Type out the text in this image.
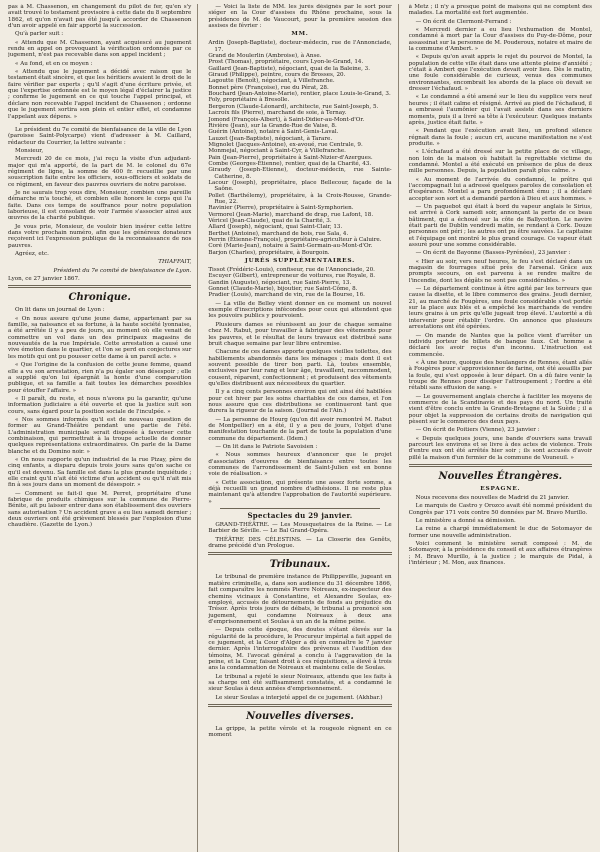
pas à M. Chassenon, en changement du pilot de fer, qu'en s'y avait trouvé lo testament provisoire à cette date du 8 septembre 1862, et qu'on n'avait pas été jusqu'à accorder de Chassenon d'un avoir appelé en fair apporté la succession.

Qu'à parler suit :

« Attendu que M. Chassenon, ayant acquiescé au jugement rendu en appel on provoquant la vérification ordonnée par ce jugement, n'est pas recevable dans son appel incident ;

« Au fond, et en ce moyen :

« Attendu que le jugement a décidé avec raison que le testament était sincère, et que les héritiers avaient le droit de le faire vérifier par experts ; qu'il s'agit d'une écriture privée, et que l'expertise ordonnée est le moyen légal d'éclairer la justice ; confirme le jugement en ce qui touche l'appel principal, et déclare non recevable l'appel incident de Chassenon ; ordonne que le jugement sortira son plein et entier effet, et condamne l'appelant aux dépens. »

Le président du 7e comité de bienfaisance de la ville de Lyon (paroisse Saint-Polycarpe) vient d'adresser à M. Caillard, rédacteur du Courrier, la lettre suivante :

Monsieur,

Mercredi 20 de ce mois, j'ai reçu la visite d'un adjudant-major qui m'a apporté, de la part de M. le colonel du 67e régiment de ligne, la somme de 400 fr. recueillie par une souscription faite entre les officiers, sous-officiers et soldats de ce régiment, en faveur des pauvres ouvriers de notre paroisse.

Je ne saurais trop vous dire, Monsieur, combien une pareille démarche m'a touché, et combien elle honore le corps qui l'a faite. Dans ces temps de souffrance pour notre population laborieuse, il est consolant de voir l'armée s'associer ainsi aux œuvres de la charité publique.

Je vous prie, Monsieur, de vouloir bien insérer cette lettre dans votre prochain numéro, afin que les généreux donateurs reçoivent ici l'expression publique de la reconnaissance de nos pauvres.

Agréez, etc.

THIAFFAIT,

Président du 7e comité de bienfaisance de Lyon.

Lyon, ce 27 janvier 1867.

Chronique.

On lit dans un journal de Lyon :

« On nous assure qu'une jeune dame, appartenant par sa famille, sa naissance et sa fortune, à la haute société lyonnaise, a été arrêtée il y a peu de jours, au moment où elle venait de commettre un vol dans un des principaux magasins de nouveautés de la rue Impériale. Cette arrestation a causé une vive émotion dans le quartier, et l'on se perd en conjectures sur les motifs qui ont pu pousser cette dame à un pareil acte. »

« Que l'origine de la confusion de cette jeune femme, quand elle a vu son arrestation, rien n'a pu égaler son désespoir ; elle a supplié qu'on lui épargnât la honte d'une comparution publique, et sa famille a fait toutes les démarches possibles pour étouffer l'affaire. »

« Il paraît, du reste, et nous n'avons pu la garantir, qu'une information judiciaire a été ouverte et que la justice suit son cours, sans égard pour la position sociale de l'inculpée. »

« Nos sommes informés qu'il est de nouveau question de former au Grand-Théâtre pendant une partie de l'été. L'administration municipale serait disposée à favoriser cette combinaison, qui permettrait à la troupe actuelle de donner quelques représentations extraordinaires. On parle de la Dame blanche et du Domino noir. »

« On nous rapporte qu'un industriel de la rue Pizay, père de cinq enfants, a disparu depuis trois jours sans qu'on sache ce qu'il est devenu. Sa famille est dans la plus grande inquiétude ; elle craint qu'il n'ait été victime d'un accident ou qu'il n'ait mis fin à ses jours dans un moment de désespoir. »

— Comment se fait-il que M. Perret, propriétaire d'une fabrique de produits chimiques sur la commune de Pierre-Bénite, ait pu laisser entrer dans son établissement des ouvriers sans autorisation ? Un accident grave a eu lieu samedi dernier ; deux ouvriers ont été grièvement blessés par l'explosion d'une chaudière. (Gazette de Lyon.)

— Voici la liste de MM. les jurés désignés par le sort pour siéger en la Cour d'assises du Rhône prochaine, sous la présidence de M. de Vaucourt, pour la première session des assises de février :

MM.
Ardin (Joseph-Baptiste), docteur-médecin, rue de l'Annonciade, 17.
Grand de Moulerlin (Ambroise), à Anse.
Prost (Thomas), propriétaire, cours Lyon-le-Grand, 14.
Gaillard (Jean-Baptiste), négociant, quai de la Baleine, 3.
Giraud (Philippe), peintre, cours de Brosses, 20.
Lagoutte (Benoît), négociant, à Villefranche.
Bonnet père (Françoise), rue du Pérat, 28.
Bouchard (Jean-Antoine-Marie), rentier, place Louis-le-Grand, 3.
Foly, propriétaire à Bresolle.
Bergeron (Claude-Léonard), architecte, rue Saint-Joseph, 5.
Lacroix fils (Pierre), marchand de soie, à Ternay.
Jomond (François-Albert), à Saint-Didier-au-Mont-d'Or.
Rivière (Jean), sur la Grande-Rue de Vaise, 8.
Guérin (Antoine), notaire à Saint-Genis-Laval.
Lauzet (Jean-Baptiste), négociant, à Tarare.
Mignolet (Jacques-Antoine), ex-avoué, rue Centrale, 9.
Monmejal, négociant à Saint-Cyr, à Villefranche.
Pain (Jean-Pierre), propriétaire à Saint-Nizier-d'Azergues.
Combe (Georges-Étienne), rentier, quai de la Charité, 43.
Giraudy (Joseph-Etienne), docteur-médecin, rue Sainte-Catherine, 8.
Lacour (Joseph), propriétaire, place Bellecour, façade de la Saône.
Pollet (Barthélemy), propriétaire, à la Croix-Rousse, Grande-Rue, 22.
Ravinier (Pierre), propriétaire à Saint-Symphorien.
Vermorel (Jean-Marie), marchand de drap, rue Lafont, 18.
Véricel (Jean-Claude), quai de la Charité, 3.
Allard (Joseph), négociant, quai Saint-Clair, 13.
Berthet (Antoine), marchand de bois, rue Sala, 4.
Perrin (Étienne-François), propriétaire-agriculteur à Caluire.
Coré (Marie-Jean), notaire à Saint-Germain-au-Mont-d'Or.
Barjon (Charles), propriétaire, à Bourgoin.
JURÉS SUPPLÉMENTAIRES.
Tissot (Frédéric-Louis), confiseur, rue de l'Annonciade, 20.
Escuyer (Gilbert), entrepreneur de voitures, rue Royale, 8.
Gandin (Auguste), négociant, rue Saint-Pierre, 13.
Gonnet (Claude-Marie), bijoutier, rue Saint-Côme, 8.
Pradier (Louis), marchand de vin, rue de la Bourse, 16.

— La ville de Belley vient donner en ce moment un nouvel exemple d'inscriptions infécondes pour ceux qui attendent que les pouvoirs publics y pourvoient.

Plusieurs dames se réunissent au jour de chaque semaine chez M. Rabut, pour travailler à fabriquer des vêtements pour les pauvres, et le résultat de leurs travaux est distribué sans bruit chaque semaine par leur libre entremise.

Chacune de ces dames apporte quelques vieilles toilettes, des habillements abandonnés dans les ménages ; mais dont il est souvent possible de tirer bon parti. Là, toutes ensemble, exclusives par leur rang et leur âge, travaillent, raccommodent, cousent, réparent, confectionnent ; et produisent des vêtements qu'elles distribuent aux nécessiteux du quartier.

Il y a cinq cents personnes environ qui ont ainsi été habillées pour cet hiver par les soins charitables de ces dames, et l'on nous assure que ces distributions se continueront tant que durera la rigueur de la saison. (Journal de l'Ain.)

— La personne de Hourg (qu'on dit avoir remontré M. Rabut de Montpellier) en a été, il y a peu de jours, l'objet d'une manifestation touchante de la part de toute la population d'une commune du département. (Idem.)

— On lit dans le Patriote Savoisien :

« Nous sommes heureux d'annoncer que le projet d'association d'oeuvres de bienfaisance entre toutes les communes de l'arrondissement de Saint-Julien est en bonne voie de réalisation. »

« Cette association, qui présente une assez forte somme, a déjà recueilli un grand nombre d'adhésions. Il ne reste plus maintenant qu'à attendre l'approbation de l'autorité supérieure. »

Spectacles du 29 janvier.

GRAND-THÉÂTRE. — Les Mousquetaires de la Reine. — Le Barbier de Séville. — Le Bal Grand-Opéra.

THÉÂTRE DES CÉLESTINS. — La Closerie des Genêts, drame précédé d'un Prologue.

Tribunaux.

Le tribunal de première instance de Philippeville, jugeant en matière criminelle, a, dans son audience du 31 décembre 1866, fait comparaître les nommés Pierre Noireaux, ex-inspecteur des chemins vicinaux à Constantine, et Alexandre Soulas, ex-employé, accusés de détournements de fonds au préjudice du Trésor. Après trois jours de débats, le tribunal a prononcé son jugement, qui condamne Noireaux à deux ans d'emprisonnement et Soulas à un an de la même peine.

— Depuis cette époque, des doutes s'étant élevés sur la régularité de la procédure, le Procureur impérial a fait appel de ce jugement, et la Cour d'Alger a dû en connaître le 7 janvier dernier. Après l'interrogatoire des prévenus et l'audition des témoins, M. l'avocat général a conclu à l'aggravation de la peine, et la Cour, faisant droit à ces réquisitions, a élevé à trois ans la condamnation de Noireaux et maintenu celle de Soulas.

Le tribunal a rejeté le sieur Noireaux, attendu que les faits à sa charge ont été suffisamment constatés, et a condamné le sieur Soulas à deux années d'emprisonnement.

Le sieur Soulas a interjeté appel de ce jugement. (Akhbar.)

Nouvelles diverses.

La grippe, la petite vérole et la rougeole règnent en ce moment

à Metz ; il n'y a presque point de maisons qui ne comptent des malades. La mortalité est fort augmentée.

— On écrit de Clermont-Ferrand :

« Mercredi dernier a eu lieu l'exhumation de Montel, condamné à mort par la Cour d'assises du Puy-de-Dôme, pour assassinat sur la personne de M. Pouderoux, notaire et maire de la commune d'Ambert. »

« Depuis qu'on avait appris le rejet du pourvoi de Montel, la population de cette ville était dans une attente pleine d'anxiété ; c'était à Ambert que l'exécution devait avoir lieu. Dès le matin, une foule considérable de curieux, venus des communes environnantes, encombrait les abords de la place où devait se dresser l'échafaud. »

« Le condamné a été amené sur le lieu du supplice vers neuf heures ; il était calme et résigné. Arrivé au pied de l'échafaud, il a embrassé l'aumônier qui l'avait assisté dans ses derniers moments, puis il a livré sa tête à l'exécuteur. Quelques instants après, justice était faite. »

« Pendant que l'exécution avait lieu, un profond silence régnait dans la foule ; aucun cri, aucune manifestation ne s'est produite. »

« L'échafaud a été dressé sur la petite place de ce village, non loin de la maison où habitait la regrettable victime du condamné. Montel a été exécuté en présence de plus de deux mille personnes. Depuis, la population paraît plus calme. »

« Au moment de l'arrivée du condamné, le prêtre qui l'accompagnait lui a adressé quelques paroles de consolation et d'espérance. Montel a paru profondément ému ; il a déclaré accepter son sort et a demandé pardon à Dieu et aux hommes. »

— Un paquebot qui était à bord du vapeur anglais le Sirius, est arrivé à Cork samedi soir, annonçant la perte de ce beau bâtiment, qui a échoué sur la côte de Ballycotton. Le navire était parti de Dublin vendredi matin, se rendant à Cork. Douze personnes ont péri ; les autres ont pu être sauvées. Le capitaine et l'équipage ont montré le plus grand courage. Ce vapeur était assuré pour une somme considérable.

— On écrit de Bayonne (Basses-Pyrénées), 23 janvier :

« Hier au soir, vers neuf heures, le feu s'est déclaré dans un magasin de fourrages situé près de l'arsenal. Grâce aux prompts secours, on est parvenu à se rendre maître de l'incendie, dont les dégâts ne sont pas considérables. »

— Le département continue à être agité par les terreurs que cause la disette, et le libre commerce des grains. Jeudi dernier, 21, au marché de Fougères, une foule considérable s'est portée sur la place aux blés et a empêché les marchands de vendre leurs grains à un prix qu'elle jugeait trop élevé. L'autorité a dû intervenir pour rétablir l'ordre. On annonce que plusieurs arrestations ont été opérées.

— On mande de Nantes que la police vient d'arrêter un individu porteur de billets de banque faux. Cet homme a déclaré les avoir reçus d'un inconnu. L'instruction est commencée.

« À une heure, quoique des boulangers de Rennes, étant allés à Fougères pour s'approvisionner de farine, ont été assaillis par la foule, qui s'est opposée à leur départ. On a dû faire venir la troupe de Rennes pour dissiper l'attroupement ; l'ordre a été rétabli sans effusion de sang. »

— Le gouvernement anglais cherche à faciliter les moyens de commerce de la Scandinavie et des pays du nord. Un traité vient d'être conclu entre la Grande-Bretagne et la Suède ; il a pour objet la suppression de certains droits de navigation qui pèsent sur le commerce des deux pays.

— On écrit de Poitiers (Vienne), 23 janvier :

« Depuis quelques jours, une bande d'ouvriers sans travail parcourt les environs et se livre à des actes de violence. Trois d'entre eux ont été arrêtés hier soir ; ils sont accusés d'avoir pillé la maison d'un fermier de la commune de Vouneuil. »

Nouvelles Étrangères.
ESPAGNE.

Nous recevons des nouvelles de Madrid du 21 janvier.

Le marquis de Castro y Orozco avait été nommé président du Congrès par 171 voix contre 50 données par M. Bravo Murillo.

Le ministère a donné sa démission.

La reine a chargé immédiatement le duc de Sotomayor de former une nouvelle administration.

Voici comment le ministère serait composé : M. de Sotomayor, à la présidence du conseil et aux affaires étrangères ; M. Bravo Murillo, à la justice ; le marquis de Pidal, à l'intérieur ; M. Mon, aux finances.
